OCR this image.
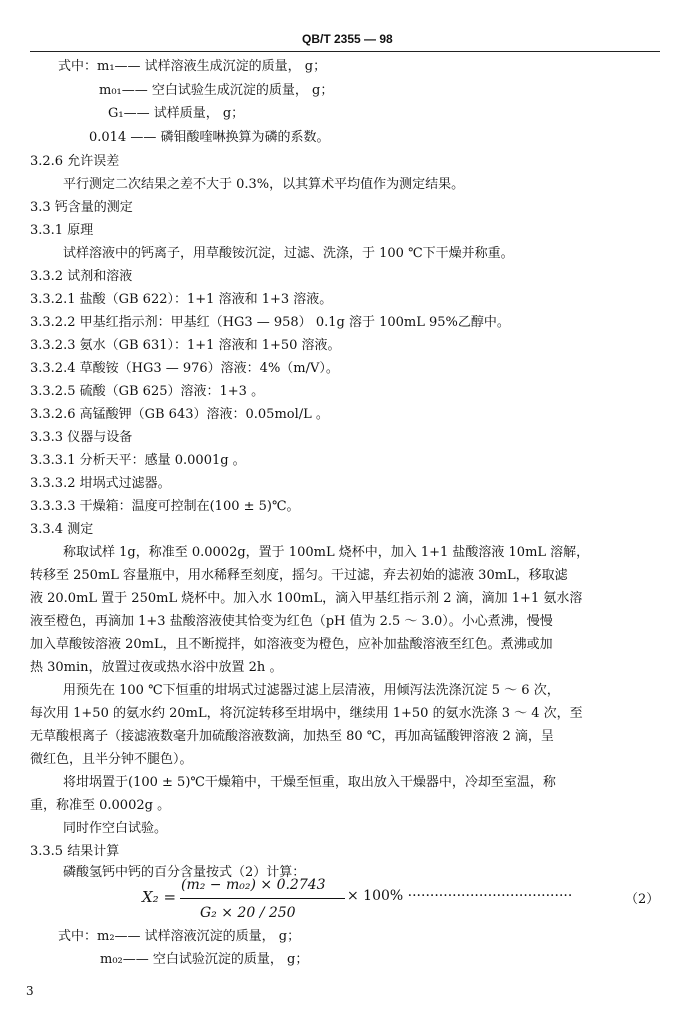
QB/T 2355 — 98
式中：m₁—— 试样溶液生成沉淀的质量， g；
m₀₁—— 空白试验生成沉淀的质量， g；
G₁—— 试样质量， g；
0.014 —— 磷钼酸喹啉换算为磷的系数。
3.2.6 允许误差
平行测定二次结果之差不大于 0.3%，以其算术平均值作为测定结果。
3.3 钙含量的测定
3.3.1 原理
试样溶液中的钙离子，用草酸铵沉淀，过滤、洗涤，于 100 ℃下干燥并称重。
3.3.2 试剂和溶液
3.3.2.1 盐酸（GB 622）：1+1 溶液和 1+3 溶液。
3.3.2.2 甲基红指示剂：甲基红（HG3 — 958） 0.1g 溶于 100mL 95%乙醇中。
3.3.2.3 氨水（GB 631）：1+1 溶液和 1+50 溶液。
3.3.2.4 草酸铵（HG3 — 976）溶液：4%（m/V）。
3.3.2.5 硫酸（GB 625）溶液：1+3 。
3.3.2.6 高锰酸钾（GB 643）溶液：0.05mol/L 。
3.3.3 仪器与设备
3.3.3.1 分析天平：感量 0.0001g 。
3.3.3.2 坩埚式过滤器。
3.3.3.3 干燥箱：温度可控制在(100 ± 5)℃。
3.3.4 测定
称取试样 1g，称准至 0.0002g，置于 100mL 烧杯中，加入 1+1 盐酸溶液 10mL 溶解，
转移至 250mL 容量瓶中，用水稀释至刻度，摇匀。干过滤，弃去初始的滤液 30mL，移取滤
液 20.0mL 置于 250mL 烧杯中。加入水 100mL，滴入甲基红指示剂 2 滴，滴加 1+1 氨水溶
液至橙色，再滴加 1+3 盐酸溶液使其恰变为红色（pH 值为 2.5 ～ 3.0）。小心煮沸，慢慢
加入草酸铵溶液 20mL，且不断搅拌，如溶液变为橙色，应补加盐酸溶液至红色。煮沸或加
热 30min，放置过夜或热水浴中放置 2h 。
用预先在 100 ℃下恒重的坩埚式过滤器过滤上层清液，用倾泻法洗涤沉淀 5 ～ 6 次，
每次用 1+50 的氨水约 20mL，将沉淀转移至坩埚中，继续用 1+50 的氨水洗涤 3 ～ 4 次，至
无草酸根离子（接滤液数毫升加硫酸溶液数滴，加热至 80 ℃，再加高锰酸钾溶液 2 滴，呈
微红色，且半分钟不腿色）。
将坩埚置于(100 ± 5)℃干燥箱中，干燥至恒重，取出放入干燥器中，冷却至室温，称
重，称准至 0.0002g 。
同时作空白试验。
3.3.5 结果计算
磷酸氢钙中钙的百分含量按式（2）计算：
X₂ =
(m₂ − m₀₂) × 0.2743
G₂ × 20 / 250
× 100% ·····································	（2）
式中：m₂—— 试样溶液沉淀的质量， g；
m₀₂—— 空白试验沉淀的质量， g；
3
